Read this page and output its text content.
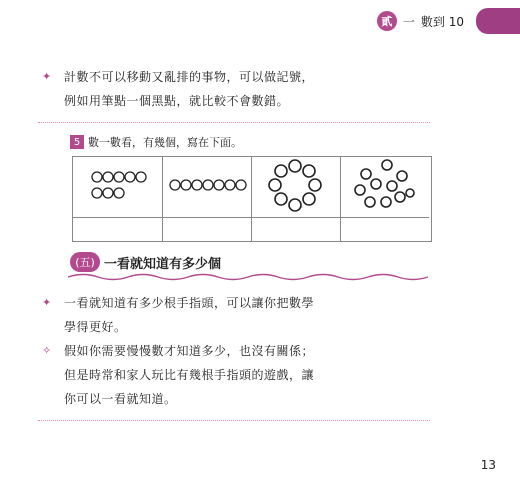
貳 一 數到 10
✦ 計數不可以移動又亂排的事物，可以做記號，
例如用筆點一個黑點，就比較不會數錯。
5 數一數看，有幾個，寫在下面。
(五) 一看就知道有多少個
✦ 一看就知道有多少根手指頭，可以讓你把數學
學得更好。
✧ 假如你需要慢慢數才知道多少，也沒有關係；
但是時常和家人玩比有幾根手指頭的遊戲，讓
你可以一看就知道。
13
